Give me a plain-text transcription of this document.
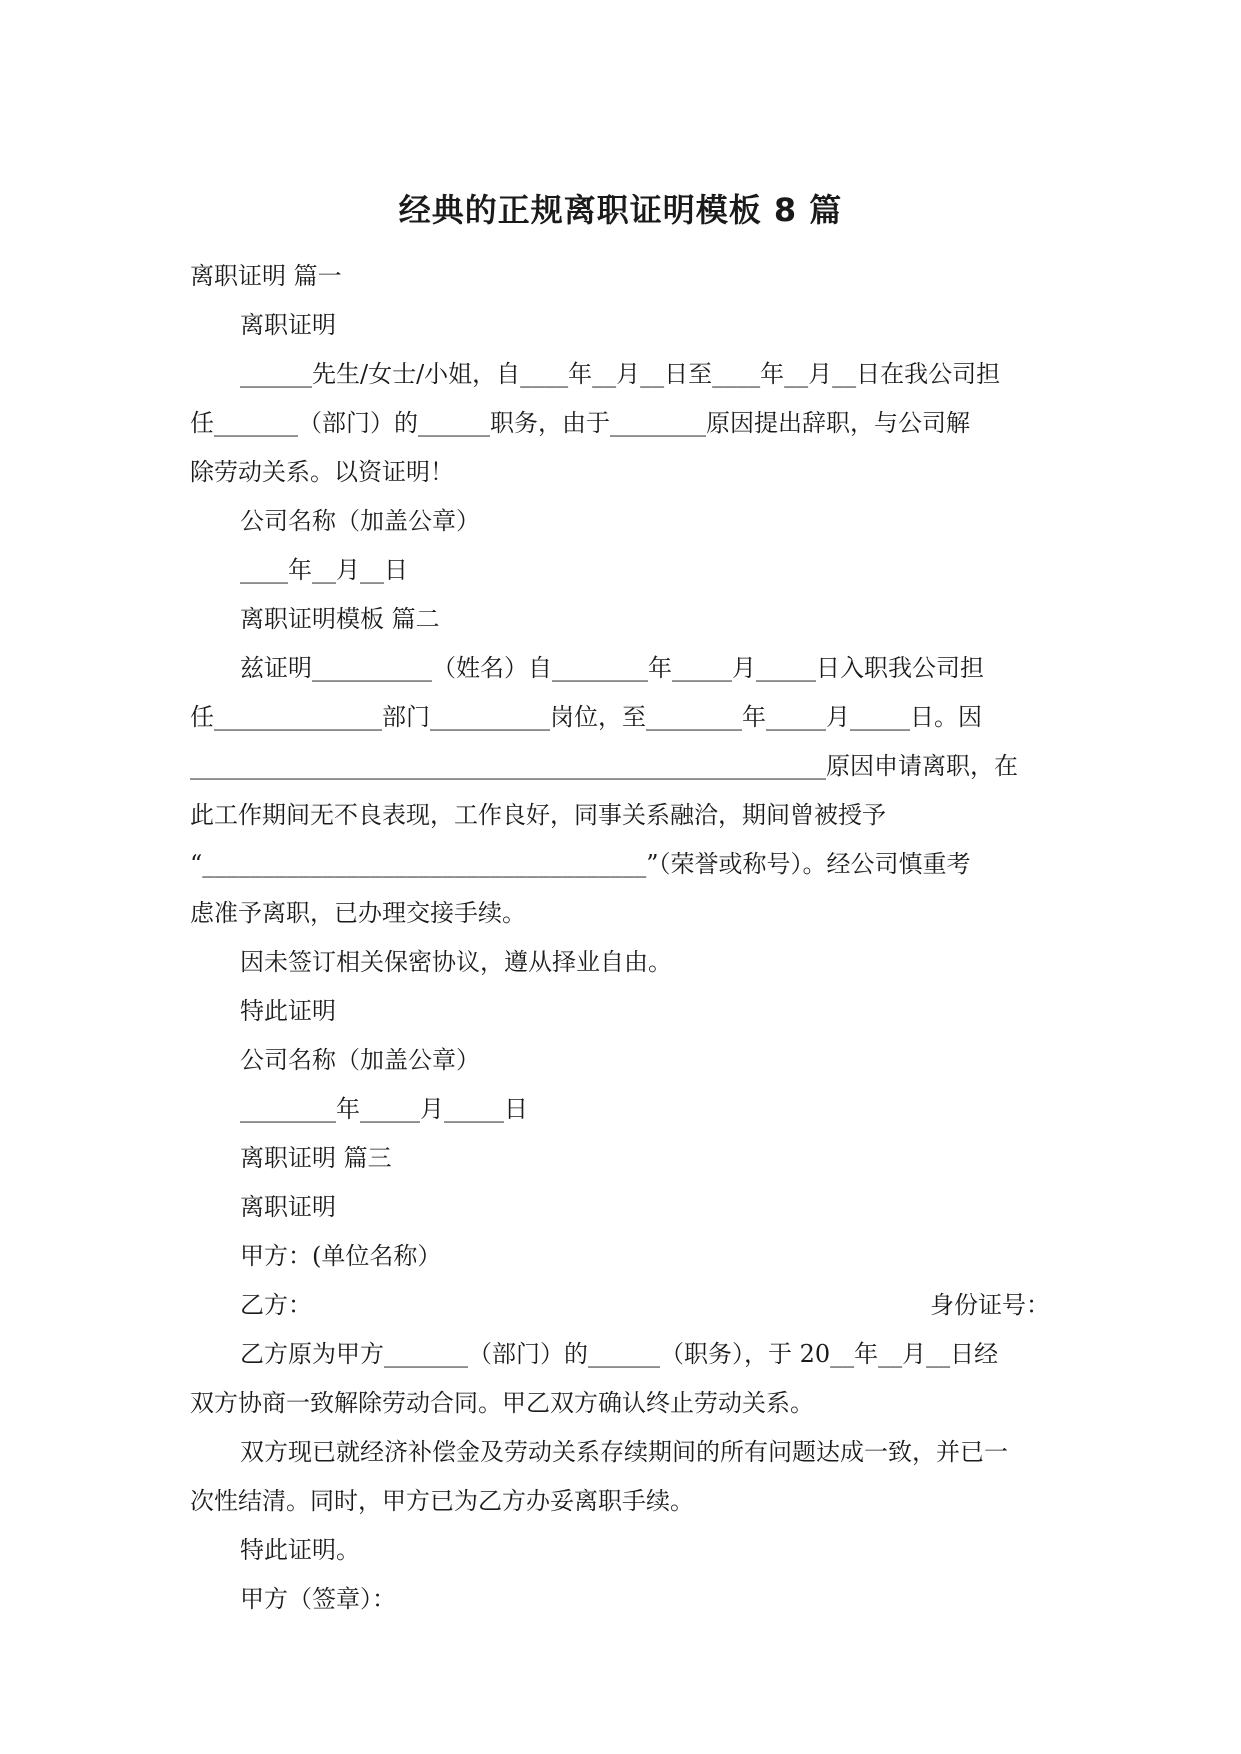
经典的正规离职证明模板 8 篇

离职证明 篇一

离职证明

______先生/女士/小姐，自____年__月__日至____年__月__日在我公司担

任_______（部门）的______职务，由于________原因提出辞职，与公司解

除劳动关系。以资证明！

公司名称（加盖公章）

____年__月__日

离职证明模板 篇二

兹证明__________（姓名）自________年_____月_____日入职我公司担

任______________部门__________岗位，至________年_____月_____日。因

_____________________________________________________原因申请离职，在

此工作期间无不良表现，工作良好，同事关系融洽，期间曾被授予

“_____________________________________”（荣誉或称号）。经公司慎重考

虑准予离职，已办理交接手续。

因未签订相关保密协议，遵从择业自由。

特此证明

公司名称（加盖公章）

________年_____月_____日

离职证明 篇三

离职证明

甲方：(单位名称）

乙方：	身份证号：

乙方原为甲方_______（部门）的______（职务），于 20__年__月__日经

双方协商一致解除劳动合同。甲乙双方确认终止劳动关系。

双方现已就经济补偿金及劳动关系存续期间的所有问题达成一致，并已一

次性结清。同时，甲方已为乙方办妥离职手续。

特此证明。

甲方（签章）：
